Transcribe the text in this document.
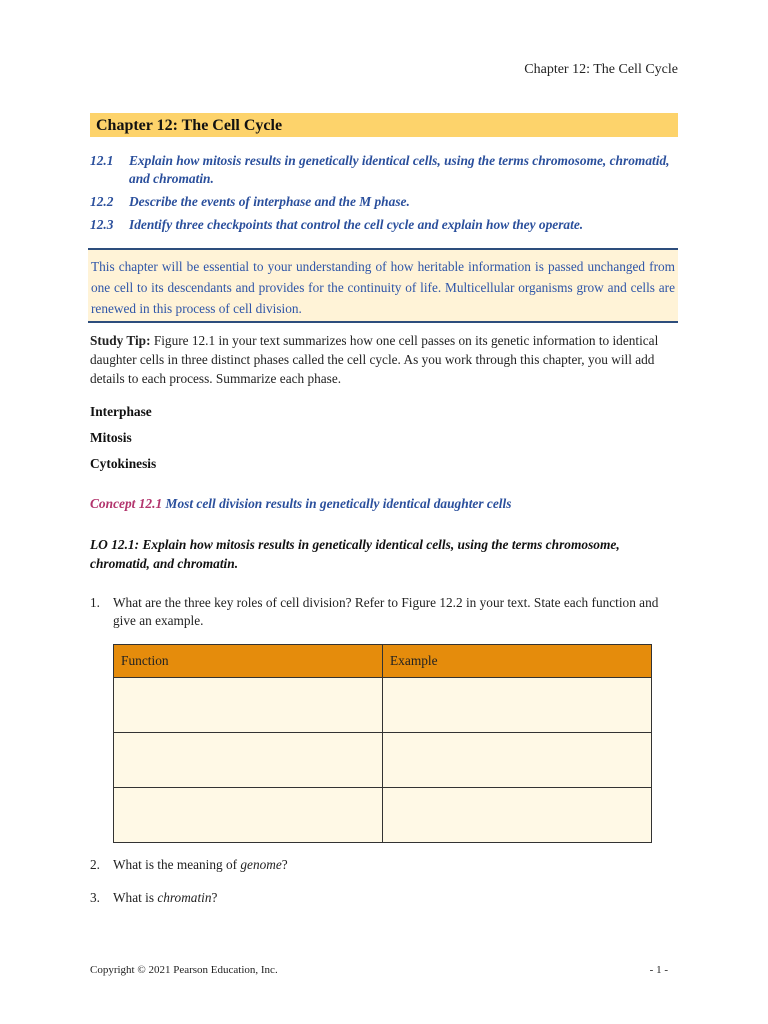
Chapter 12: The Cell Cycle
Chapter 12: The Cell Cycle
12.1 Explain how mitosis results in genetically identical cells, using the terms chromosome, chromatid, and chromatin.
12.2 Describe the events of interphase and the M phase.
12.3 Identify three checkpoints that control the cell cycle and explain how they operate.
This chapter will be essential to your understanding of how heritable information is passed unchanged from one cell to its descendants and provides for the continuity of life. Multicellular organisms grow and cells are renewed in this process of cell division.
Study Tip: Figure 12.1 in your text summarizes how one cell passes on its genetic information to identical daughter cells in three distinct phases called the cell cycle. As you work through this chapter, you will add details to each process. Summarize each phase.
Interphase
Mitosis
Cytokinesis
Concept 12.1 Most cell division results in genetically identical daughter cells
LO 12.1: Explain how mitosis results in genetically identical cells, using the terms chromosome, chromatid, and chromatin.
1. What are the three key roles of cell division? Refer to Figure 12.2 in your text. State each function and give an example.
Function	Example

2. What is the meaning of genome?
3. What is chromatin?
Copyright © 2021 Pearson Education, Inc.	- 1 -
